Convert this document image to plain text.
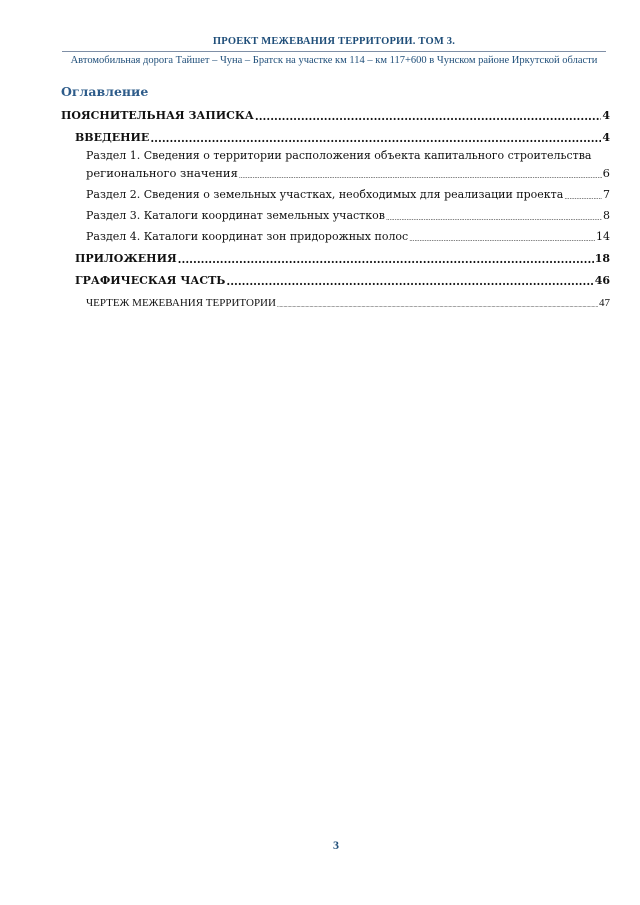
ПРОЕКТ МЕЖЕВАНИЯ ТЕРРИТОРИИ. ТОМ 3.
Автомобильная дорога Тайшет – Чуна – Братск на участке км 114 – км 117+600 в Чунском районе Иркутской области
Оглавление
ПОЯСНИТЕЛЬНАЯ ЗАПИСКА .....	4
ВВЕДЕНИЕ .....	4
Раздел 1. Сведения о территории расположения объекта капитального строительства
регионального значения .....	6
Раздел 2. Сведения о земельных участках, необходимых для реализации проекта .....	7
Раздел 3. Каталоги координат земельных участков .....	8
Раздел 4. Каталоги координат зон придорожных полос .....	14
ПРИЛОЖЕНИЯ .....	18
ГРАФИЧЕСКАЯ ЧАСТЬ .....	46
ЧЕРТЕЖ МЕЖЕВАНИЯ ТЕРРИТОРИИ .....	47
3
